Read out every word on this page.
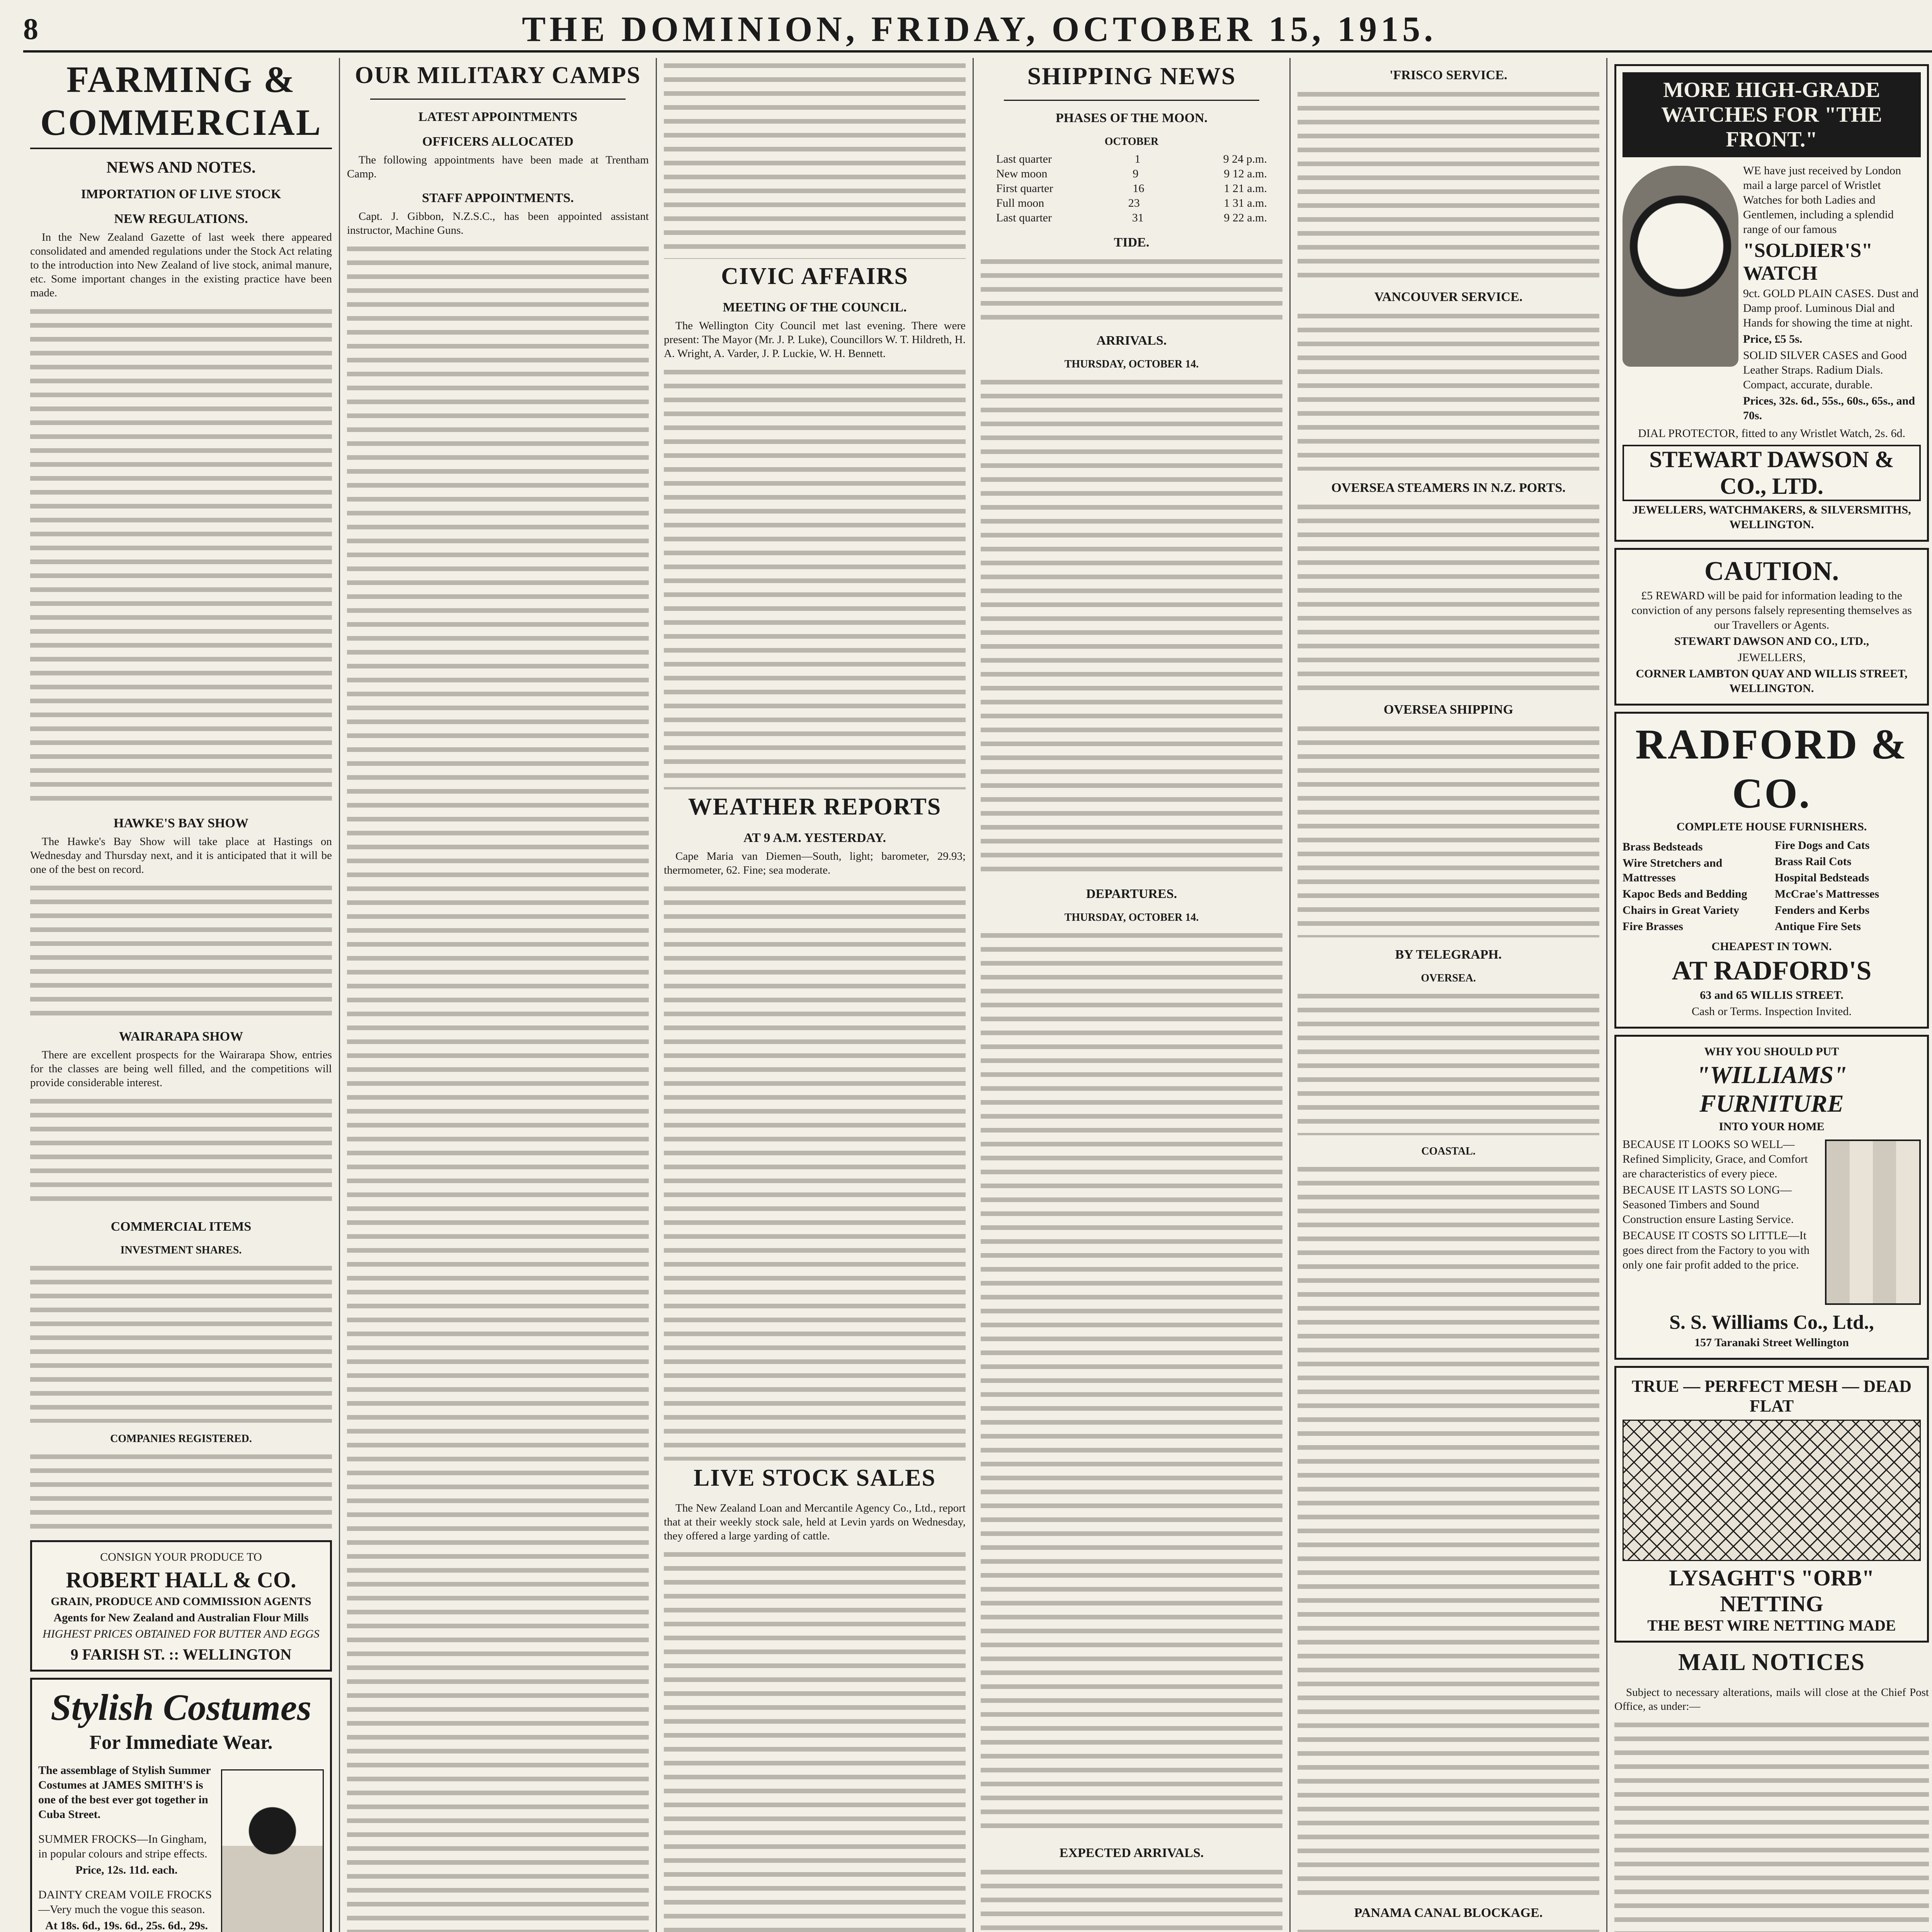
8	THE DOMINION, FRIDAY, OCTOBER 15, 1915.
FARMING & COMMERCIAL
NEWS AND NOTES.
IMPORTATION OF LIVE STOCK
NEW REGULATIONS.

In the New Zealand Gazette of last week there appeared consolidated and amended regulations under the Stock Act relating to the introduction into New Zealand of live stock, animal manure, etc. Some important changes in the existing practice have been made.

HAWKE'S BAY SHOW

The Hawke's Bay Show will take place at Hastings on Wednesday and Thursday next, and it is anticipated that it will be one of the best on record.

WAIRARAPA SHOW

There are excellent prospects for the Wairarapa Show, entries for the classes are being well filled, and the competitions will provide considerable interest.

COMMERCIAL ITEMS
INVESTMENT SHARES.
COMPANIES REGISTERED.
CONSIGN YOUR PRODUCE TO
ROBERT HALL & CO.
GRAIN, PRODUCE AND COMMISSION AGENTS
Agents for New Zealand and Australian Flour Mills
HIGHEST PRICES OBTAINED FOR BUTTER AND EGGS
9 FARISH ST. :: WELLINGTON
Stylish Costumes
For Immediate Wear.
The assemblage of Stylish Summer Costumes at JAMES SMITH'S is one of the best ever got together in Cuba Street.
SUMMER FROCKS—In Gingham, in popular colours and stripe effects.
Price, 12s. 11d. each.
DAINTY CREAM VOILE FROCKS—Very much the vogue this season.
At 18s. 6d., 19s. 6d., 25s. 6d., 29s.
OUR MILITARY CAMPS
LATEST APPOINTMENTS
OFFICERS ALLOCATED

The following appointments have been made at Trentham Camp.

STAFF APPOINTMENTS.

Capt. J. Gibbon, N.Z.S.C., has been appointed assistant instructor, Machine Guns.

CIVIC AFFAIRS
MEETING OF THE COUNCIL.

The Wellington City Council met last evening. There were present: The Mayor (Mr. J. P. Luke), Councillors W. T. Hildreth, H. A. Wright, A. Varder, J. P. Luckie, W. H. Bennett.

WEATHER REPORTS
AT 9 A.M. YESTERDAY.

Cape Maria van Diemen—South, light; barometer, 29.93; thermometer, 62. Fine; sea moderate.

LIVE STOCK SALES

The New Zealand Loan and Mercantile Agency Co., Ltd., report that at their weekly stock sale, held at Levin yards on Wednesday, they offered a large yarding of cattle.

SHIPPING NEWS
PHASES OF THE MOON.
OCTOBER
Last quarter	1	9 24 p.m.
New moon	9	9 12 a.m.
First quarter	16	1 21 a.m.
Full moon	23	1 31 a.m.
Last quarter	31	9 22 a.m.
TIDE.
ARRIVALS.
THURSDAY, OCTOBER 14.
DEPARTURES.
THURSDAY, OCTOBER 14.
EXPECTED ARRIVALS.
'FRISCO SERVICE.
VANCOUVER SERVICE.
OVERSEA STEAMERS IN N.Z. PORTS.
OVERSEA SHIPPING
BY TELEGRAPH.
OVERSEA.
COASTAL.
PANAMA CANAL BLOCKAGE.

MORE HIGH-GRADE WATCHES FOR "THE FRONT."
WE have just received by London mail a large parcel of Wristlet Watches for both Ladies and Gentlemen, including a splendid range of our famous
"SOLDIER'S" WATCH
9ct. GOLD PLAIN CASES. Dust and Damp proof. Luminous Dial and Hands for showing the time at night.
Price, £5 5s.
SOLID SILVER CASES and Good Leather Straps. Radium Dials. Compact, accurate, durable.
Prices, 32s. 6d., 55s., 60s., 65s., and 70s.
DIAL PROTECTOR, fitted to any Wristlet Watch, 2s. 6d.
STEWART DAWSON & CO., LTD.
JEWELLERS, WATCHMAKERS, & SILVERSMITHS, WELLINGTON.
CAUTION.
£5 REWARD will be paid for information leading to the conviction of any persons falsely representing themselves as our Travellers or Agents.
STEWART DAWSON AND CO., LTD.,
JEWELLERS,
CORNER LAMBTON QUAY AND WILLIS STREET, WELLINGTON.
RADFORD & CO.
COMPLETE HOUSE FURNISHERS.
Brass Bedsteads
Wire Stretchers and Mattresses
Kapoc Beds and Bedding
Chairs in Great Variety
Fire Brasses
Fire Dogs and Cats
Brass Rail Cots
Hospital Bedsteads
McCrae's Mattresses
Fenders and Kerbs
Antique Fire Sets
CHEAPEST IN TOWN.
AT RADFORD'S
63 and 65 WILLIS STREET.
Cash or Terms. Inspection Invited.
WHY YOU SHOULD PUT
"WILLIAMS" FURNITURE
INTO YOUR HOME
BECAUSE IT LOOKS SO WELL—Refined Simplicity, Grace, and Comfort are characteristics of every piece.
BECAUSE IT LASTS SO LONG—Seasoned Timbers and Sound Construction ensure Lasting Service.
BECAUSE IT COSTS SO LITTLE—It goes direct from the Factory to you with only one fair profit added to the price.
S. S. Williams Co., Ltd.,
157 Taranaki Street Wellington
TRUE — PERFECT MESH — DEAD FLAT
LYSAGHT'S "ORB" NETTING
THE BEST WIRE NETTING MADE
MAIL NOTICES

Subject to necessary alterations, mails will close at the Chief Post Office, as under:—
